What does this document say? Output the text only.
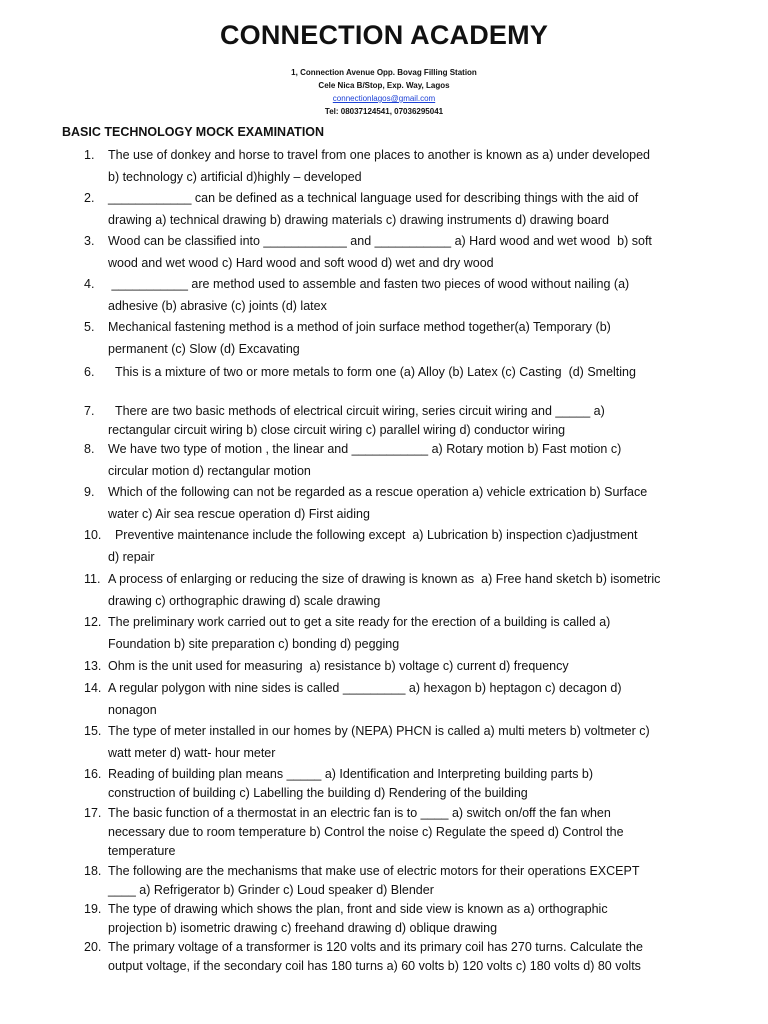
CONNECTION ACADEMY
1, Connection Avenue Opp. Bovag Filling Station
Cele Nica B/Stop, Exp. Way, Lagos
connectionlagos@gmail.com
Tel: 08037124541, 07036295041
BASIC TECHNOLOGY MOCK EXAMINATION
1. The use of donkey and horse to travel from one places to another is known as a) under developed
b) technology c) artificial d)highly – developed
2. ____________ can be defined as a technical language used for describing things with the aid of
drawing a) technical drawing b) drawing materials c) drawing instruments d) drawing board
3. Wood can be classified into ____________ and ___________ a) Hard wood and wet wood  b) soft
wood and wet wood c) Hard wood and soft wood d) wet and dry wood
4. ___________ are method used to assemble and fasten two pieces of wood without nailing (a)
adhesive (b) abrasive (c) joints (d) latex
5. Mechanical fastening method is a method of join surface method together(a) Temporary (b)
permanent (c) Slow (d) Excavating
6. This is a mixture of two or more metals to form one (a) Alloy (b) Latex (c) Casting  (d) Smelting
7.	There are two basic methods of electrical circuit wiring, series circuit wiring and _____ a)
rectangular circuit wiring b) close circuit wiring c) parallel wiring d) conductor wiring
8. We have two type of motion , the linear and ___________ a) Rotary motion b) Fast motion c)
circular motion d) rectangular motion
9. Which of the following can not be regarded as a rescue operation a) vehicle extrication b) Surface
water c) Air sea rescue operation d) First aiding
10.	Preventive maintenance include the following except  a) Lubrication b) inspection c)adjustment
d) repair
11. A process of enlarging or reducing the size of drawing is known as  a) Free hand sketch b) isometric
drawing c) orthographic drawing d) scale drawing
12. The preliminary work carried out to get a site ready for the erection of a building is called a)
Foundation b) site preparation c) bonding d) pegging
13. Ohm is the unit used for measuring  a) resistance b) voltage c) current d) frequency
14. A regular polygon with nine sides is called _________ a) hexagon b) heptagon c) decagon d)
nonagon
15. The type of meter installed in our homes by (NEPA) PHCN is called a) multi meters b) voltmeter c)
watt meter d) watt- hour meter
16. Reading of building plan means _____ a) Identification and Interpreting building parts b)
construction of building c) Labelling the building d) Rendering of the building
17. The basic function of a thermostat in an electric fan is to ____ a) switch on/off the fan when
necessary due to room temperature b) Control the noise c) Regulate the speed d) Control the
temperature
18. The following are the mechanisms that make use of electric motors for their operations EXCEPT
____ a) Refrigerator b) Grinder c) Loud speaker d) Blender
19. The type of drawing which shows the plan, front and side view is known as a) orthographic
projection b) isometric drawing c) freehand drawing d) oblique drawing
20. The primary voltage of a transformer is 120 volts and its primary coil has 270 turns. Calculate the
output voltage, if the secondary coil has 180 turns a) 60 volts b) 120 volts c) 180 volts d) 80 volts
